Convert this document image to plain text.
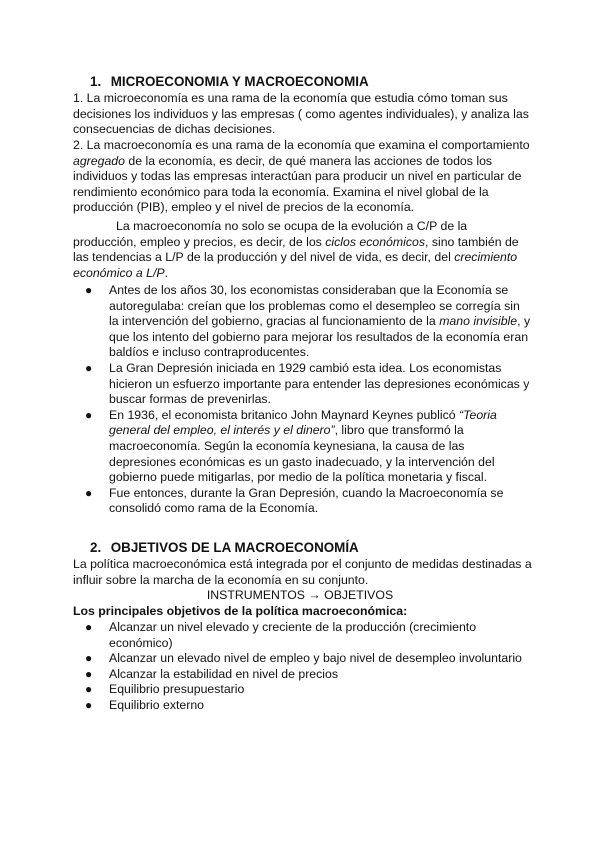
1. MICROECONOMIA Y MACROECONOMIA

1. La microeconomía es una rama de la economía que estudia cómo toman sus decisiones los individuos y las empresas ( como agentes individuales), y analiza las consecuencias de dichas decisiones.

2. La macroeconomía es una rama de la economía que examina el comportamiento agregado de la economía, es decir, de qué manera las acciones de todos los individuos y todas las empresas interactúan para producir un nivel en particular de rendimiento económico para toda la economía. Examina el nivel global de la producción (PIB), empleo y el nivel de precios de la economía.

La macroeconomía no solo se ocupa de la evolución a C/P de la producción, empleo y precios, es decir, de los ciclos económicos, sino también de las tendencias a L/P de la producción y del nivel de vida, es decir, del crecimiento económico a L/P.

● Antes de los años 30, los economistas consideraban que la Economía se autoregulaba: creían que los problemas como el desempleo se corregía sin la intervención del gobierno, gracias al funcionamiento de la mano invisible, y que los intento del gobierno para mejorar los resultados de la economía eran baldíos e incluso contraproducentes.
● La Gran Depresión iniciada en 1929 cambió esta idea. Los economistas hicieron un esfuerzo importante para entender las depresiones económicas y buscar formas de prevenirlas.
● En 1936, el economista britanico John Maynard Keynes publicó “Teoria general del empleo, el interés y el dinero”, libro que transformó la macroeconomía. Según la economía keynesiana, la causa de las depresiones económicas es un gasto inadecuado, y la intervención del gobierno puede mitigarlas, por medio de la política monetaria y fiscal.
● Fue entonces, durante la Gran Depresión, cuando la Macroeconomía se consolidó como rama de la Economía.
2. OBJETIVOS DE LA MACROECONOMÍA

La política macroeconómica está integrada por el conjunto de medidas destinadas a influir sobre la marcha de la economía en su conjunto.

INSTRUMENTOS → OBJETIVOS
Los principales objetivos de la política macroeconómica:
● Alcanzar un nivel elevado y creciente de la producción (crecimiento económico)
● Alcanzar un elevado nivel de empleo y bajo nivel de desempleo involuntario
● Alcanzar la estabilidad en nivel de precios
● Equilibrio presupuestario
● Equilibrio externo
